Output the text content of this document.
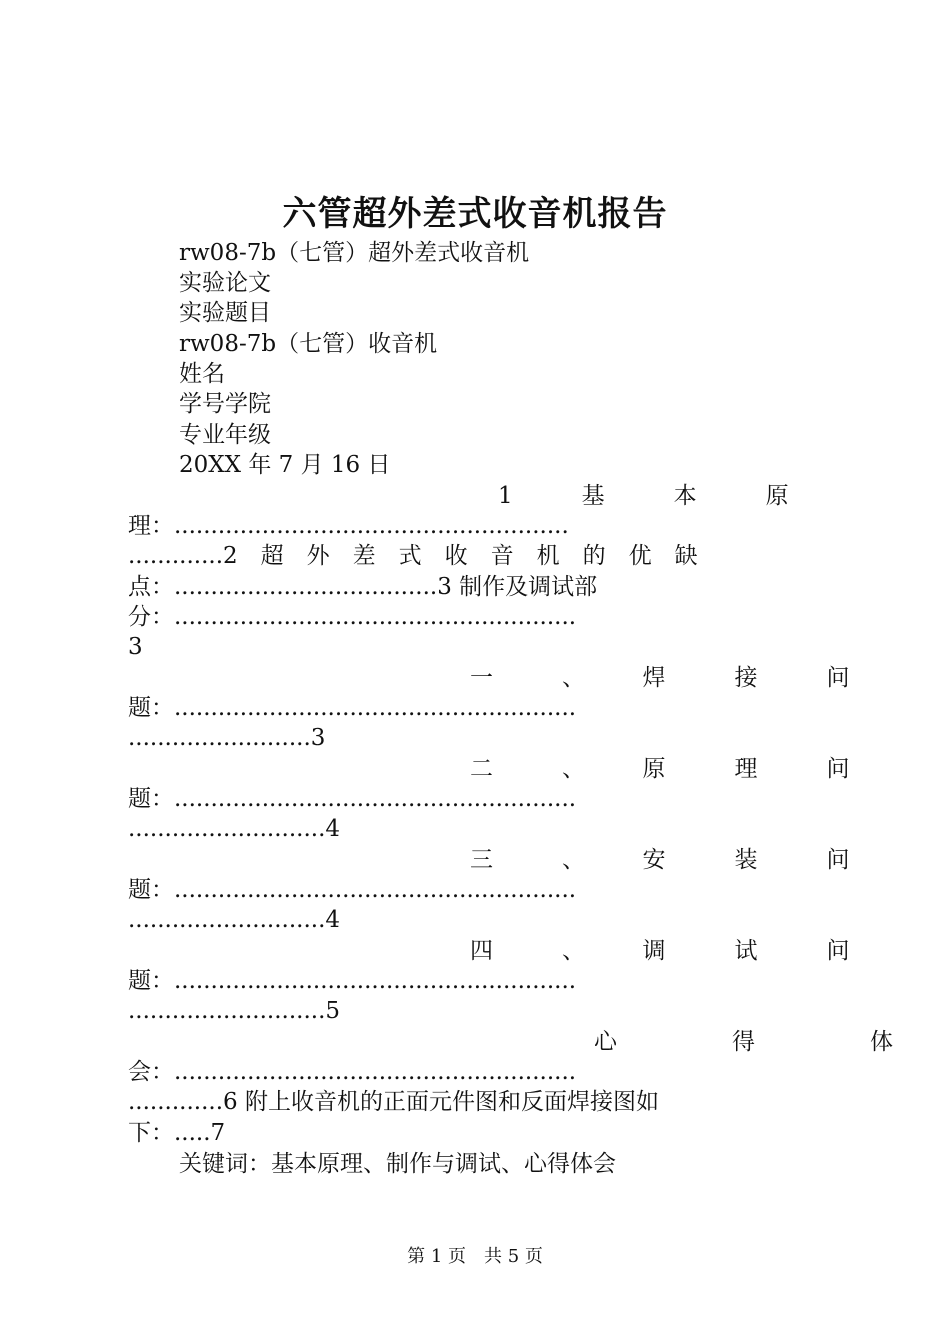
六管超外差式收音机报告

rw08-7b（七管）超外差式收音机

实验论文

实验题目

rw08-7b（七管）收音机

姓名

学号学院

专业年级

20XX 年 7 月 16 日

1　　　基　　　本　　　原

理：......................................................

.............2　超　外　差　式　收　音　机　的　优　缺

点：....................................3 制作及调试部

分：.......................................................

3

一　　　、　　　焊　　　接　　　问

题：.......................................................

.........................3

二　　　、　　　原　　　理　　　问

题：.......................................................

...........................4

三　　　、　　　安　　　装　　　问

题：.......................................................

...........................4

四　　　、　　　调　　　试　　　问

题：.......................................................

...........................5

心　　　　　得　　　　　体

会：.......................................................

.............6 附上收音机的正面元件图和反面焊接图如

下：.....7

关键词：基本原理、制作与调试、心得体会

第 1 页　共 5 页
